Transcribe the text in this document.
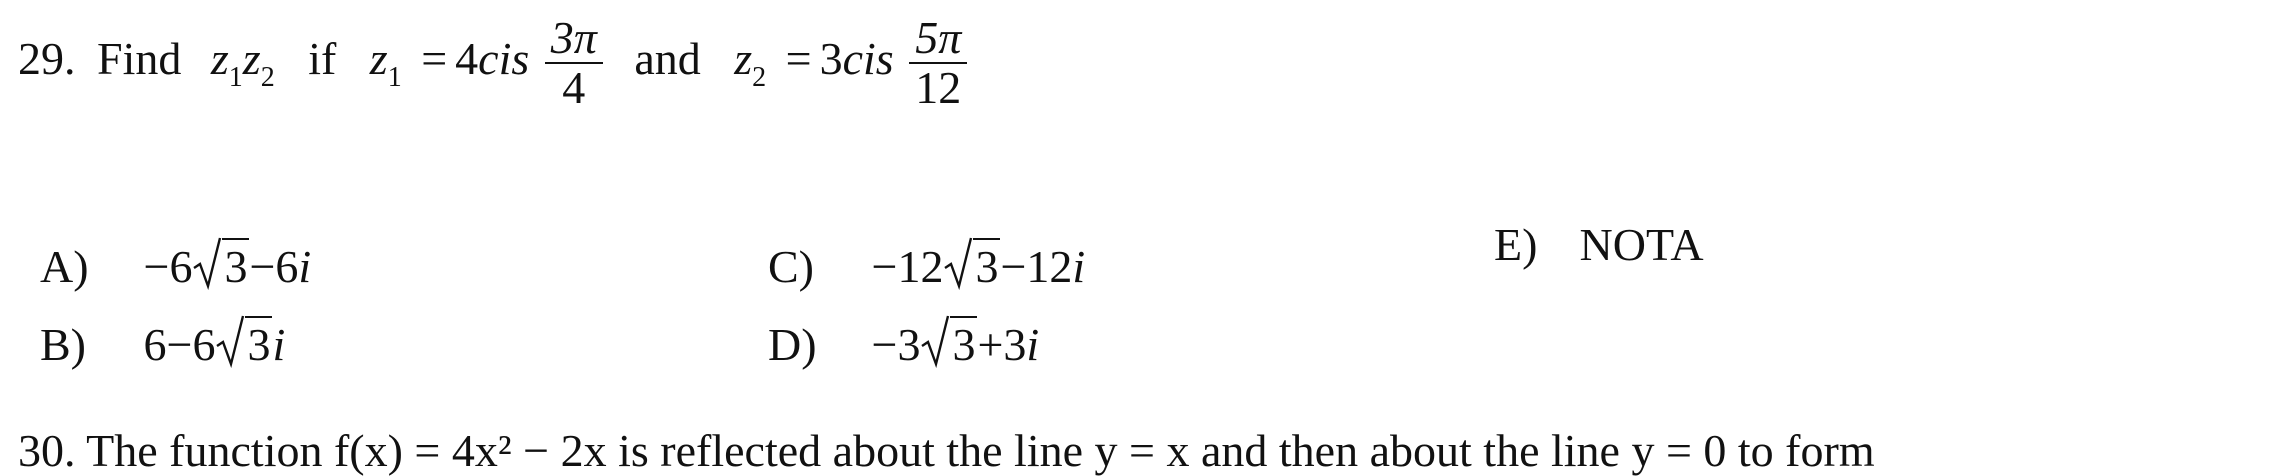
29. Find $z_1z_2$ if $z_1 = 4cis \frac{3\pi}{4}$ and $z_2 = 3cis \frac{5\pi}{12}$
A) −6 3−6i
B) 6−6 3i
C) −12 3−12i
D) −3 3+3i
E) NOTA
30. The function f(x) = 4x² − 2x is reflected about the line y = x and then about the line y = 0 to form
